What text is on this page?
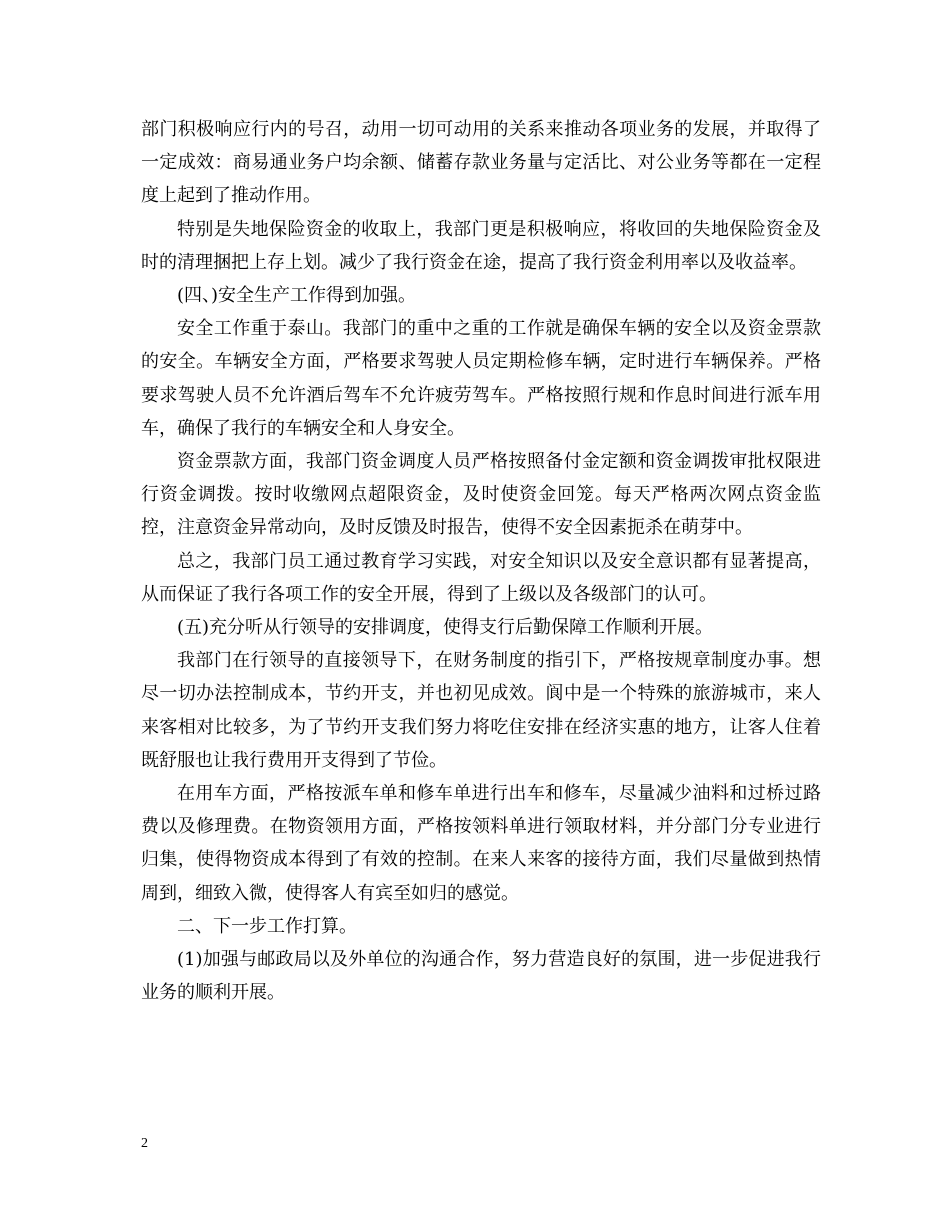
部门积极响应行内的号召，动用一切可动用的关系来推动各项业务的发展，并取得了一定成效：商易通业务户均余额、储蓄存款业务量与定活比、对公业务等都在一定程度上起到了推动作用。

特别是失地保险资金的收取上，我部门更是积极响应，将收回的失地保险资金及时的清理捆把上存上划。减少了我行资金在途，提高了我行资金利用率以及收益率。

(四、)安全生产工作得到加强。

安全工作重于泰山。我部门的重中之重的工作就是确保车辆的安全以及资金票款的安全。车辆安全方面，严格要求驾驶人员定期检修车辆，定时进行车辆保养。严格要求驾驶人员不允许酒后驾车不允许疲劳驾车。严格按照行规和作息时间进行派车用车，确保了我行的车辆安全和人身安全。

资金票款方面，我部门资金调度人员严格按照备付金定额和资金调拨审批权限进行资金调拨。按时收缴网点超限资金，及时使资金回笼。每天严格两次网点资金监控，注意资金异常动向，及时反馈及时报告，使得不安全因素扼杀在萌芽中。

总之，我部门员工通过教育学习实践，对安全知识以及安全意识都有显著提高，从而保证了我行各项工作的安全开展，得到了上级以及各级部门的认可。

(五)充分听从行领导的安排调度，使得支行后勤保障工作顺利开展。

我部门在行领导的直接领导下，在财务制度的指引下，严格按规章制度办事。想尽一切办法控制成本，节约开支，并也初见成效。阆中是一个特殊的旅游城市，来人来客相对比较多，为了节约开支我们努力将吃住安排在经济实惠的地方，让客人住着既舒服也让我行费用开支得到了节俭。

在用车方面，严格按派车单和修车单进行出车和修车，尽量减少油料和过桥过路费以及修理费。在物资领用方面，严格按领料单进行领取材料，并分部门分专业进行归集，使得物资成本得到了有效的控制。在来人来客的接待方面，我们尽量做到热情周到，细致入微，使得客人有宾至如归的感觉。

二、下一步工作打算。

(1)加强与邮政局以及外单位的沟通合作，努力营造良好的氛围，进一步促进我行业务的顺利开展。

2
